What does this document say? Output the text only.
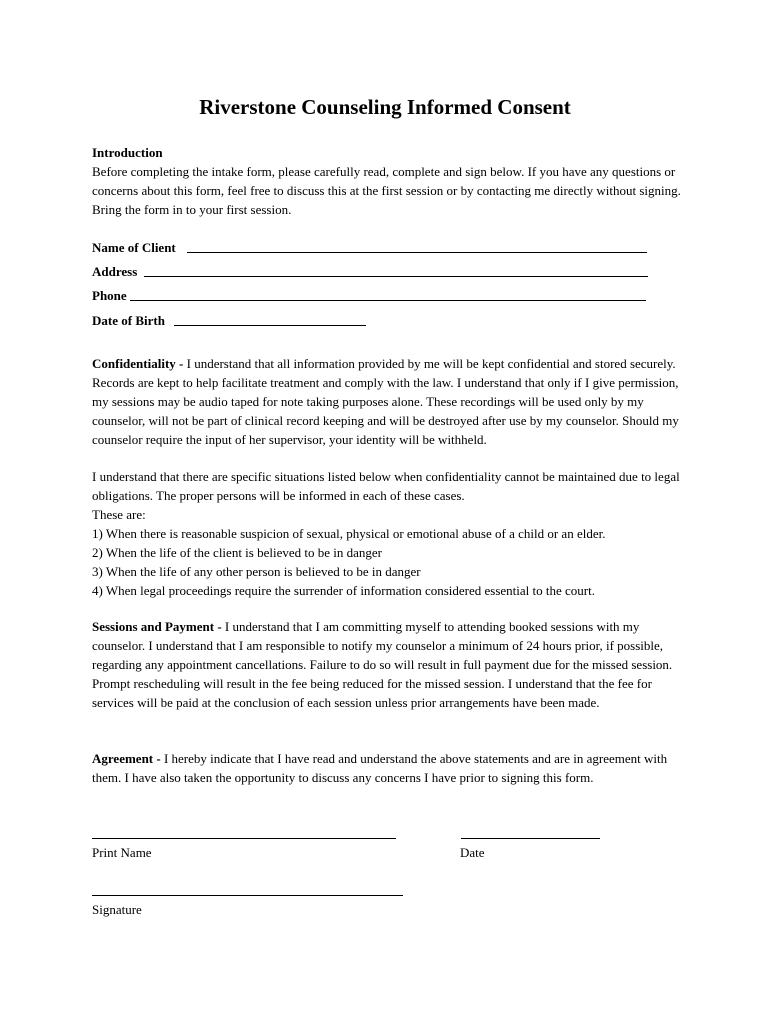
Riverstone Counseling Informed Consent
Introduction
Before completing the intake form, please carefully read, complete and sign below. If you have any questions or concerns about this form, feel free to discuss this at the first session or by contacting me directly without signing. Bring the form in to your first session.
Name of Client
Address
Phone
Date of Birth

Confidentiality - I understand that all information provided by me will be kept confidential and stored securely. Records are kept to help facilitate treatment and comply with the law. I understand that only if I give permission, my sessions may be audio taped for note taking purposes alone. These recordings will be used only by my counselor, will not be part of clinical record keeping and will be destroyed after use by my counselor. Should my counselor require the input of her supervisor, your identity will be withheld.

I understand that there are specific situations listed below when confidentiality cannot be maintained due to legal obligations. The proper persons will be informed in each of these cases.
These are:
1) When there is reasonable suspicion of sexual, physical or emotional abuse of a child or an elder.
2) When the life of the client is believed to be in danger
3) When the life of any other person is believed to be in danger
4) When legal proceedings require the surrender of information considered essential to the court.

Sessions and Payment - I understand that I am committing myself to attending booked sessions with my counselor. I understand that I am responsible to notify my counselor a minimum of 24 hours prior, if possible, regarding any appointment cancellations. Failure to do so will result in full payment due for the missed session. Prompt rescheduling will result in the fee being reduced for the missed session. I understand that the fee for services will be paid at the conclusion of each session unless prior arrangements have been made.

Agreement - I hereby indicate that I have read and understand the above statements and are in agreement with them. I have also taken the opportunity to discuss any concerns I have prior to signing this form.

Print Name	Date
Signature
